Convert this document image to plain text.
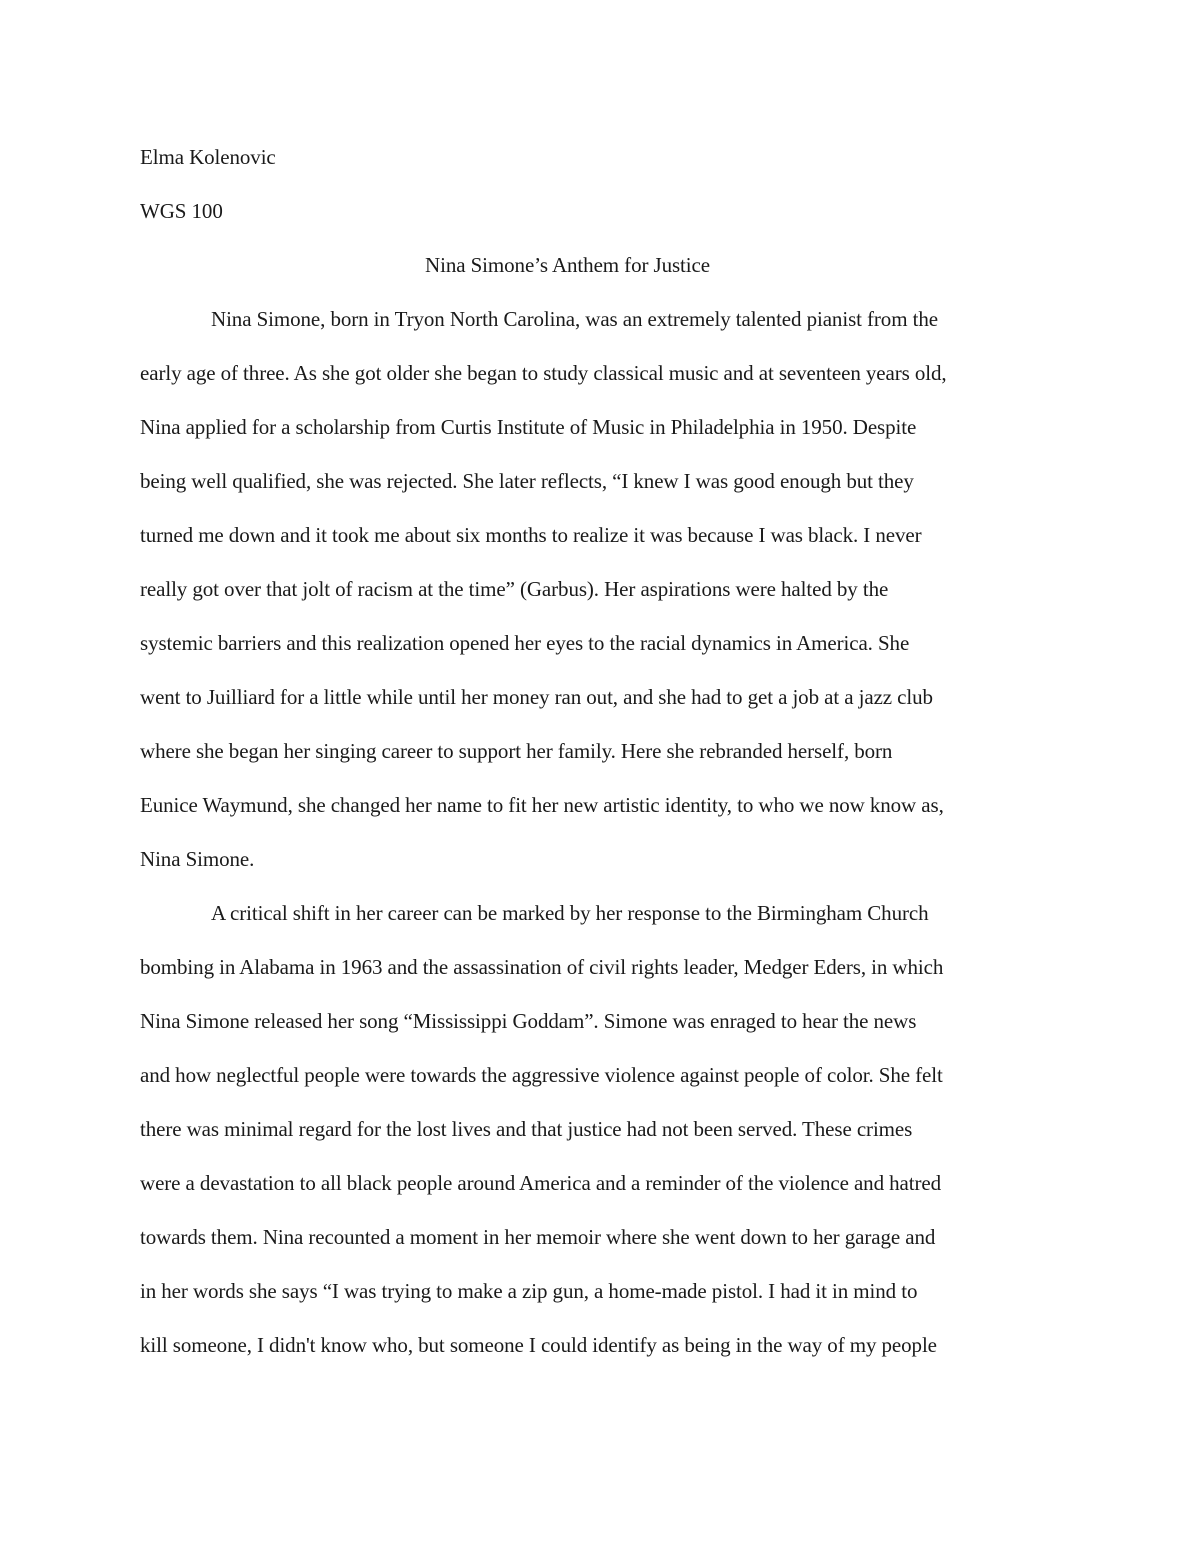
Elma Kolenovic
WGS 100
Nina Simone’s Anthem for Justice
Nina Simone, born in Tryon North Carolina, was an extremely talented pianist from the
early age of three. As she got older she began to study classical music and at seventeen years old,
Nina applied for a scholarship from Curtis Institute of Music in Philadelphia in 1950. Despite
being well qualified, she was rejected. She later reflects, “I knew I was good enough but they
turned me down and it took me about six months to realize it was because I was black. I never
really got over that jolt of racism at the time” (Garbus). Her aspirations were halted by the
systemic barriers and this realization opened her eyes to the racial dynamics in America. She
went to Juilliard for a little while until her money ran out, and she had to get a job at a jazz club
where she began her singing career to support her family. Here she rebranded herself, born
Eunice Waymund, she changed her name to fit her new artistic identity, to who we now know as,
Nina Simone.
A critical shift in her career can be marked by her response to the Birmingham Church
bombing in Alabama in 1963 and the assassination of civil rights leader, Medger Eders, in which
Nina Simone released her song “Mississippi Goddam”. Simone was enraged to hear the news
and how neglectful people were towards the aggressive violence against people of color. She felt
there was minimal regard for the lost lives and that justice had not been served. These crimes
were a devastation to all black people around America and a reminder of the violence and hatred
towards them. Nina recounted a moment in her memoir where she went down to her garage and
in her words she says “I was trying to make a zip gun, a home-made pistol. I had it in mind to
kill someone, I didn't know who, but someone I could identify as being in the way of my people
